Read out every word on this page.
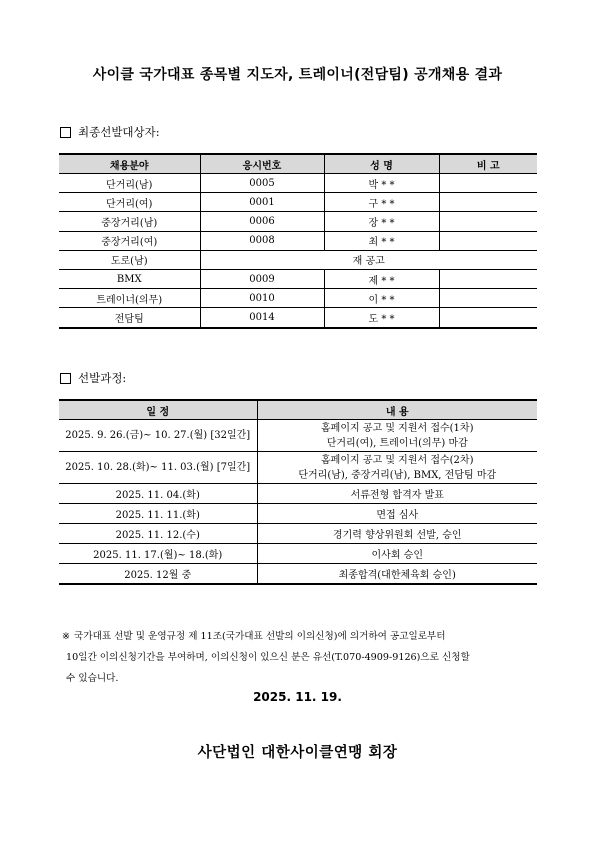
사이클 국가대표 종목별 지도자, 트레이너(전담팀) 공개채용 결과
최종선발대상자:
채용분야	응시번호	성 명	비 고
단거리(남)	0005	박 * *	
단거리(여)	0001	구 * *	
중장거리(남)	0006	장 * *	
중장거리(여)	0008	최 * *	
도로(남)	재 공고		
BMX	0009	제 * *	
트레이너(의무)	0010	이 * *	
전담팀	0014	도 * *	
선발과정:
일 정	내 용
2025. 9. 26.(금)~ 10. 27.(월) [32일간]	홈페이지 공고 및 지원서 접수(1차)
단거리(여), 트레이너(의무) 마감

2025. 10. 28.(화)~ 11. 03.(월) [7일간]	홈페이지 공고 및 지원서 접수(2차)
단거리(남), 중장거리(남), BMX, 전담팀 마감

2025. 11. 04.(화)	서류전형 합격자 발표
2025. 11. 11.(화)	면접 심사
2025. 11. 12.(수)	경기력 향상위원회 선발, 승인
2025. 11. 17.(월)~ 18.(화)	이사회 승인
2025. 12월 중	최종합격(대한체육회 승인)
※ 국가대표 선발 및 운영규정 제 11조(국가대표 선발의 이의신청)에 의거하여 공고일로부터
10일간 이의신청기간을 부여하며, 이의신청이 있으신 분은 유선(T.070-4909-9126)으로 신청할
수 있습니다.
2025. 11. 19.
사단법인 대한사이클연맹 회장
